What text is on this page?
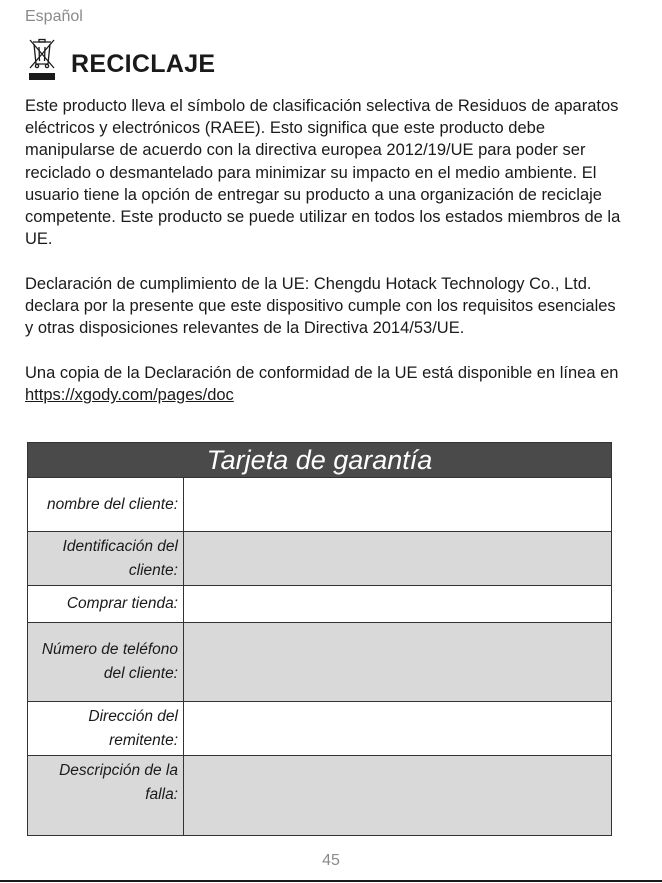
Español
RECICLAJE

Este producto lleva el símbolo de clasificación selectiva de Residuos de aparatos eléctricos y electrónicos (RAEE). Esto significa que este producto debe manipularse de acuerdo con la directiva europea 2012/19/UE para poder ser reciclado o desmantelado para minimizar su impacto en el medio ambiente. El usuario tiene la opción de entregar su producto a una organización de reciclaje competente. Este producto se puede utilizar en todos los estados miembros de la UE.

Declaración de cumplimiento de la UE: Chengdu Hotack Technology Co., Ltd. declara por la presente que este dispositivo cumple con los requisitos esenciales y otras disposiciones relevantes de la Directiva 2014/53/UE.

Una copia de la Declaración de conformidad de la UE está disponible en línea en https://xgody.com/pages/doc

Tarjeta de garantía
nombre del cliente:
Identificación del
cliente:
Comprar tienda:
Número de teléfono
del cliente:
Dirección del
remitente:
Descripción de la
falla:
45
